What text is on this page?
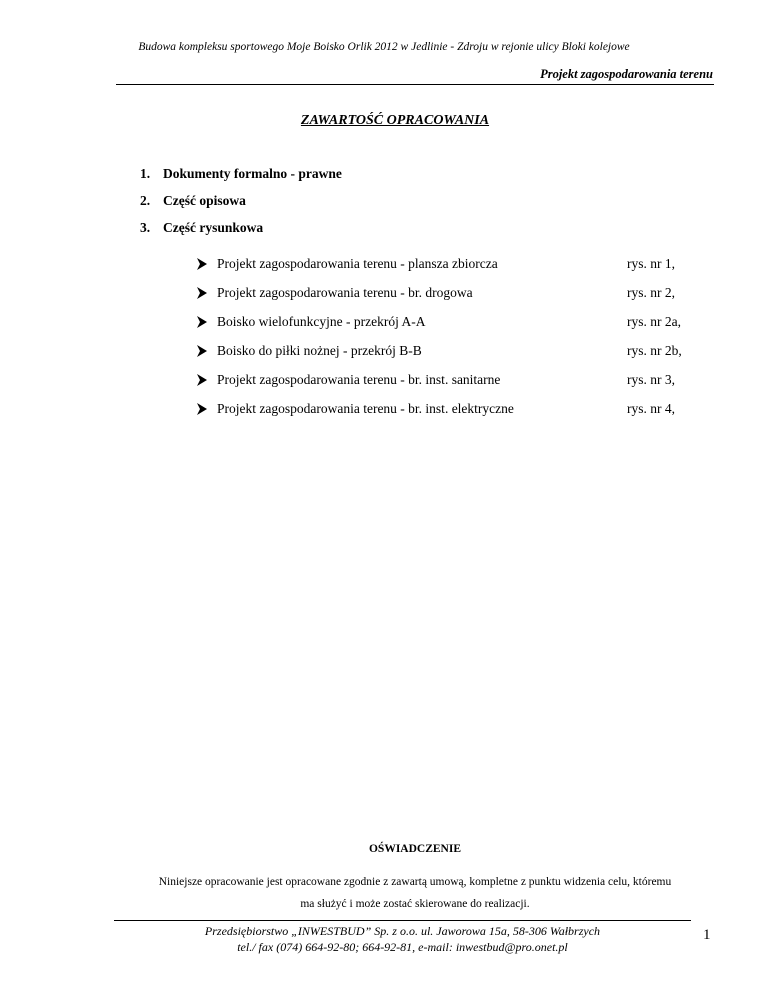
Budowa kompleksu sportowego Moje Boisko Orlik 2012 w Jedlinie - Zdroju w rejonie ulicy Bloki kolejowe
Projekt zagospodarowania terenu
ZAWARTOŚĆ OPRACOWANIA
1. Dokumenty formalno - prawne
2. Część opisowa
3. Część rysunkowa
Projekt zagospodarowania terenu - plansza zbiorcza	rys. nr 1,
Projekt zagospodarowania terenu - br. drogowa	rys. nr 2,
Boisko wielofunkcyjne - przekrój A-A	rys. nr 2a,
Boisko do piłki nożnej - przekrój B-B	rys. nr 2b,
Projekt zagospodarowania terenu - br. inst. sanitarne	rys. nr 3,
Projekt zagospodarowania terenu - br. inst. elektryczne	rys. nr 4,
OŚWIADCZENIE
Niniejsze opracowanie jest opracowane zgodnie z zawartą umową, kompletne z punktu widzenia celu, któremu
ma służyć i może zostać skierowane do realizacji.
Przedsiębiorstwo „INWESTBUD” Sp. z o.o. ul. Jaworowa 15a, 58-306 Wałbrzych
tel./ fax (074) 664-92-80; 664-92-81, e-mail: inwestbud@pro.onet.pl
1
